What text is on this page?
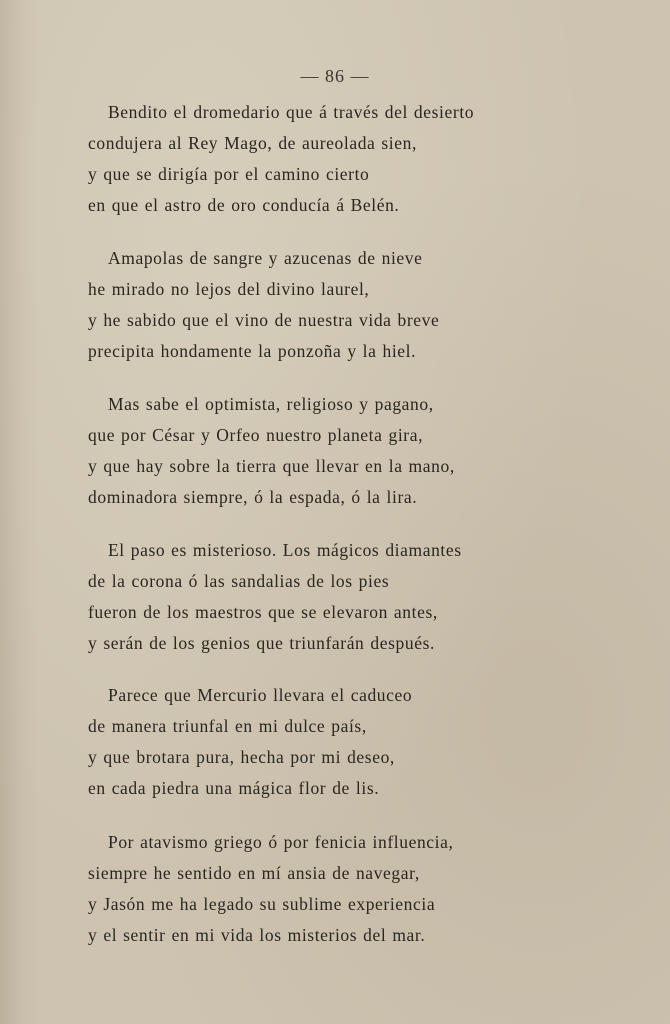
— 86 —
Bendito el dromedario que á través del desierto
condujera al Rey Mago, de aureolada sien,
y que se dirigía por el camino cierto
en que el astro de oro conducía á Belén.
Amapolas de sangre y azucenas de nieve
he mirado no lejos del divino laurel,
y he sabido que el vino de nuestra vida breve
precipita hondamente la ponzoña y la hiel.
Mas sabe el optimista, religioso y pagano,
que por César y Orfeo nuestro planeta gira,
y que hay sobre la tierra que llevar en la mano,
dominadora siempre, ó la espada, ó la lira.
El paso es misterioso. Los mágicos diamantes
de la corona ó las sandalias de los pies
fueron de los maestros que se elevaron antes,
y serán de los genios que triunfarán después.
Parece que Mercurio llevara el caduceo
de manera triunfal en mi dulce país,
y que brotara pura, hecha por mi deseo,
en cada piedra una mágica flor de lis.
Por atavismo griego ó por fenicia influencia,
siempre he sentido en mí ansia de navegar,
y Jasón me ha legado su sublime experiencia
y el sentir en mi vida los misterios del mar.
